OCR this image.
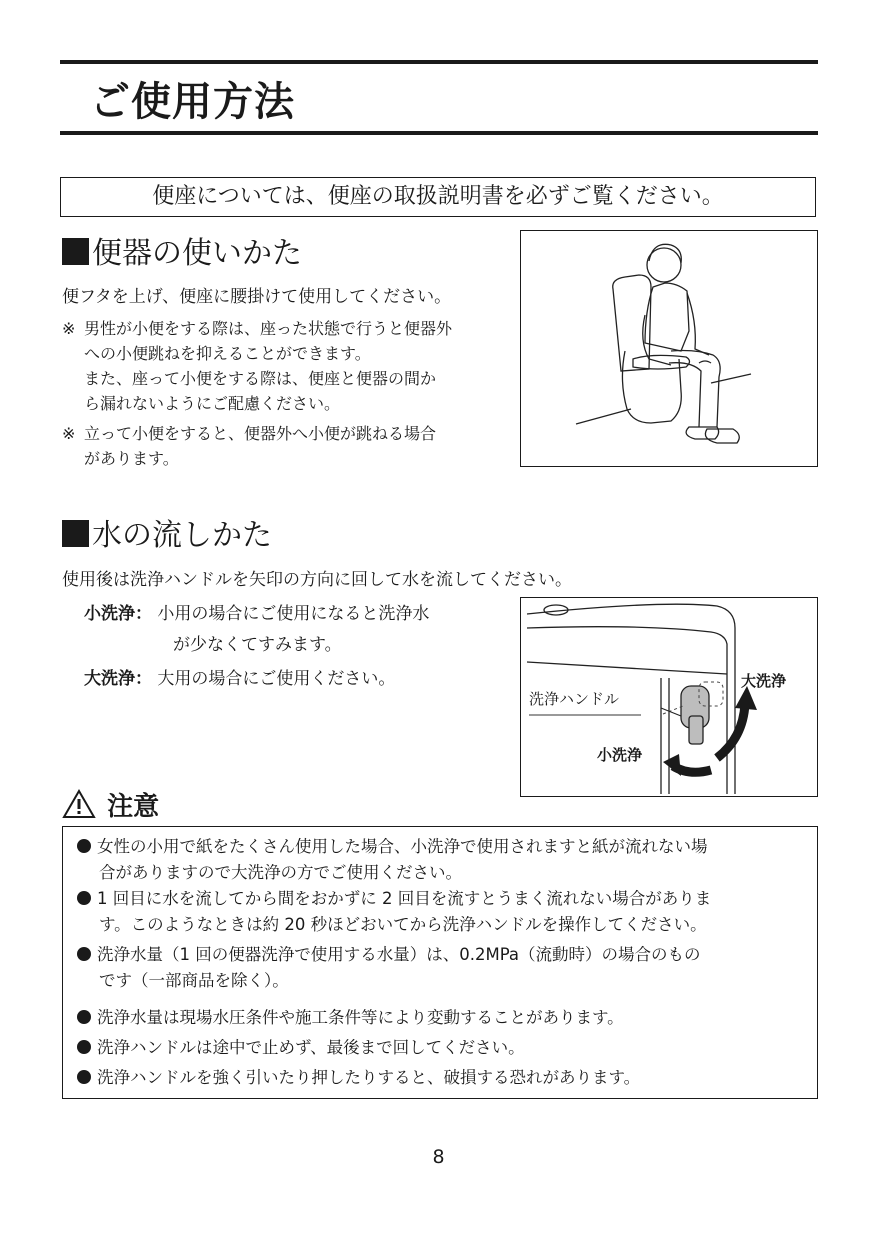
ご使用方法
便座については、便座の取扱説明書を必ずご覧ください。
便器の使いかた
便フタを上げ、便座に腰掛けて使用してください。
※ 男性が小便をする際は、座った状態で行うと便器外
への小便跳ねを抑えることができます。
また、座って小便をする際は、便座と便器の間か
ら漏れないようにご配慮ください。
※ 立って小便をすると、便器外へ小便が跳ねる場合
があります。
水の流しかた
使用後は洗浄ハンドルを矢印の方向に回して水を流してください。
小洗浄： 小用の場合にご使用になると洗浄水
が少なくてすみます。
大洗浄： 大用の場合にご使用ください。
洗浄ハンドル
大洗浄
小洗浄
注意
女性の小用で紙をたくさん使用した場合、小洗浄で使用されますと紙が流れない場
合がありますので大洗浄の方でご使用ください。
1 回目に水を流してから間をおかずに 2 回目を流すとうまく流れない場合がありま
す。このようなときは約 20 秒ほどおいてから洗浄ハンドルを操作してください。
洗浄水量（1 回の便器洗浄で使用する水量）は、0.2MPa（流動時）の場合のもの
です（一部商品を除く）。
洗浄水量は現場水圧条件や施工条件等により変動することがあります。
洗浄ハンドルは途中で止めず、最後まで回してください。
洗浄ハンドルを強く引いたり押したりすると、破損する恐れがあります。
8
